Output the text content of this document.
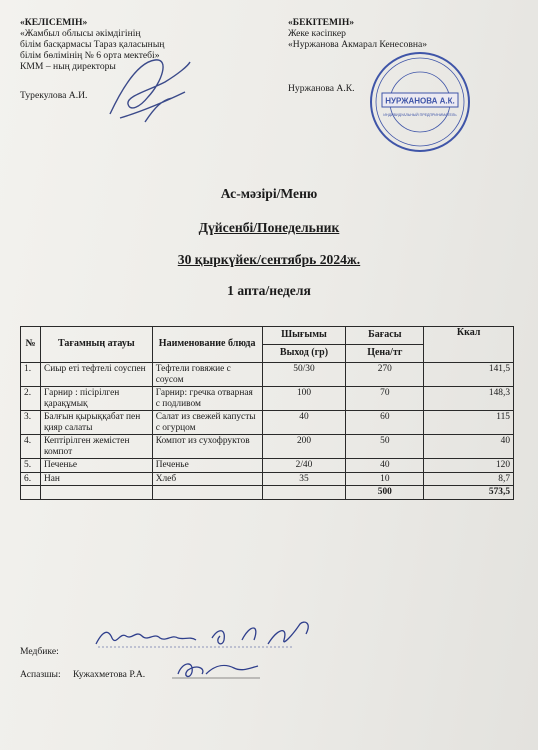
«КЕЛІСЕМІН»
«Жамбыл облысы әкімдігінің
білім басқармасы Тараз қаласының
білім бөлімінің № 6 орта мектебі»
КММ – ның директоры
Турекулова А.И.
«БЕКІТЕМІН»
Жеке кәсіпкер
«Нуржанова Акмарал Кенесовна»
Нуржанова А.К.
НУРЖАНОВА А.К.
ИНДИВИДУАЛЬНЫЙ ПРЕДПРИНИМАТЕЛЬ
Ас-мәзірі/Меню
Дүйсенбі/Понедельник
30 қыркүйек/сентябрь 2024ж.
1 апта/неделя
№	Тағамның атауы	Наименование блюда	Шығымы	Бағасы	Ккал
			Выход (гр)	Цена/тг	
1.	Сиыр еті тефтелі соуспен	Тефтели говяжие с соусом	50/30	270	141,5
2.	Гарнир : пісірілген қарақұмық	Гарнир: гречка отварная с подливом	100	70	148,3
3.	Балғын қырыққабат пен қияр салаты	Салат из свежей капусты с огурцом	40	60	115
4.	Кептірілген жемістен компот	Компот из сухофруктов	200	50	40
5.	Печенье	Печенье	2/40	40	120
6.	Нан	Хлеб	35	10	8,7
				500	573,5
Медбике:
Аспазшы: Кужахметова Р.А.
